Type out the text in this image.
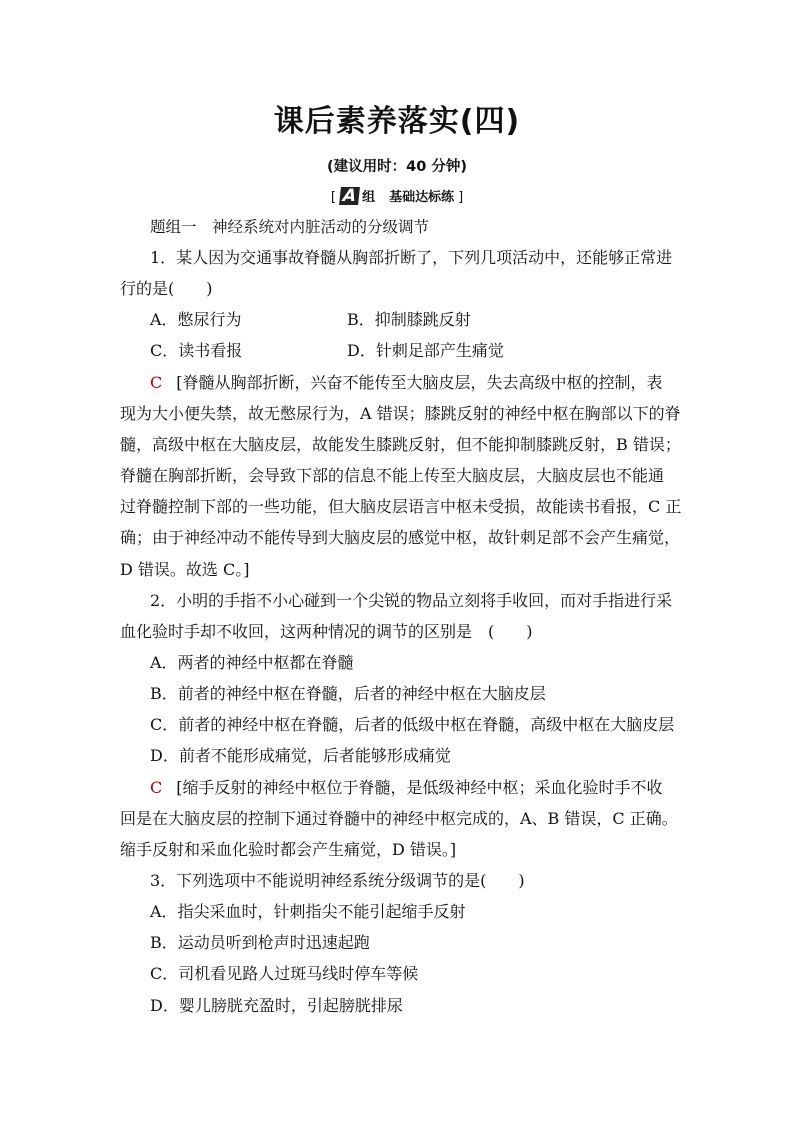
课后素养落实(四)
(建议用时：40 分钟)
[ A 组 基础达标练 ]
题组一　神经系统对内脏活动的分级调节
1．某人因为交通事故脊髓从胸部折断了，下列几项活动中，还能够正常进
行的是(　　)
A．憋尿行为	B．抑制膝跳反射
C．读书看报	D．针刺足部产生痛觉
C [脊髓从胸部折断，兴奋不能传至大脑皮层，失去高级中枢的控制，表
现为大小便失禁，故无憋尿行为，A 错误；膝跳反射的神经中枢在胸部以下的脊
髓，高级中枢在大脑皮层，故能发生膝跳反射，但不能抑制膝跳反射，B 错误；
脊髓在胸部折断，会导致下部的信息不能上传至大脑皮层，大脑皮层也不能通
过脊髓控制下部的一些功能，但大脑皮层语言中枢未受损，故能读书看报，C 正
确；由于神经冲动不能传导到大脑皮层的感觉中枢，故针刺足部不会产生痛觉，
D 错误。故选 C。]
2．小明的手指不小心碰到一个尖锐的物品立刻将手收回，而对手指进行采
血化验时手却不收回，这两种情况的调节的区别是　(　　)
A．两者的神经中枢都在脊髓
B．前者的神经中枢在脊髓，后者的神经中枢在大脑皮层
C．前者的神经中枢在脊髓，后者的低级中枢在脊髓，高级中枢在大脑皮层
D．前者不能形成痛觉，后者能够形成痛觉
C [缩手反射的神经中枢位于脊髓，是低级神经中枢；采血化验时手不收
回是在大脑皮层的控制下通过脊髓中的神经中枢完成的，A、B 错误，C 正确。
缩手反射和采血化验时都会产生痛觉，D 错误。]
3．下列选项中不能说明神经系统分级调节的是(　　)
A．指尖采血时，针刺指尖不能引起缩手反射
B．运动员听到枪声时迅速起跑
C．司机看见路人过斑马线时停车等候
D．婴儿膀胱充盈时，引起膀胱排尿
